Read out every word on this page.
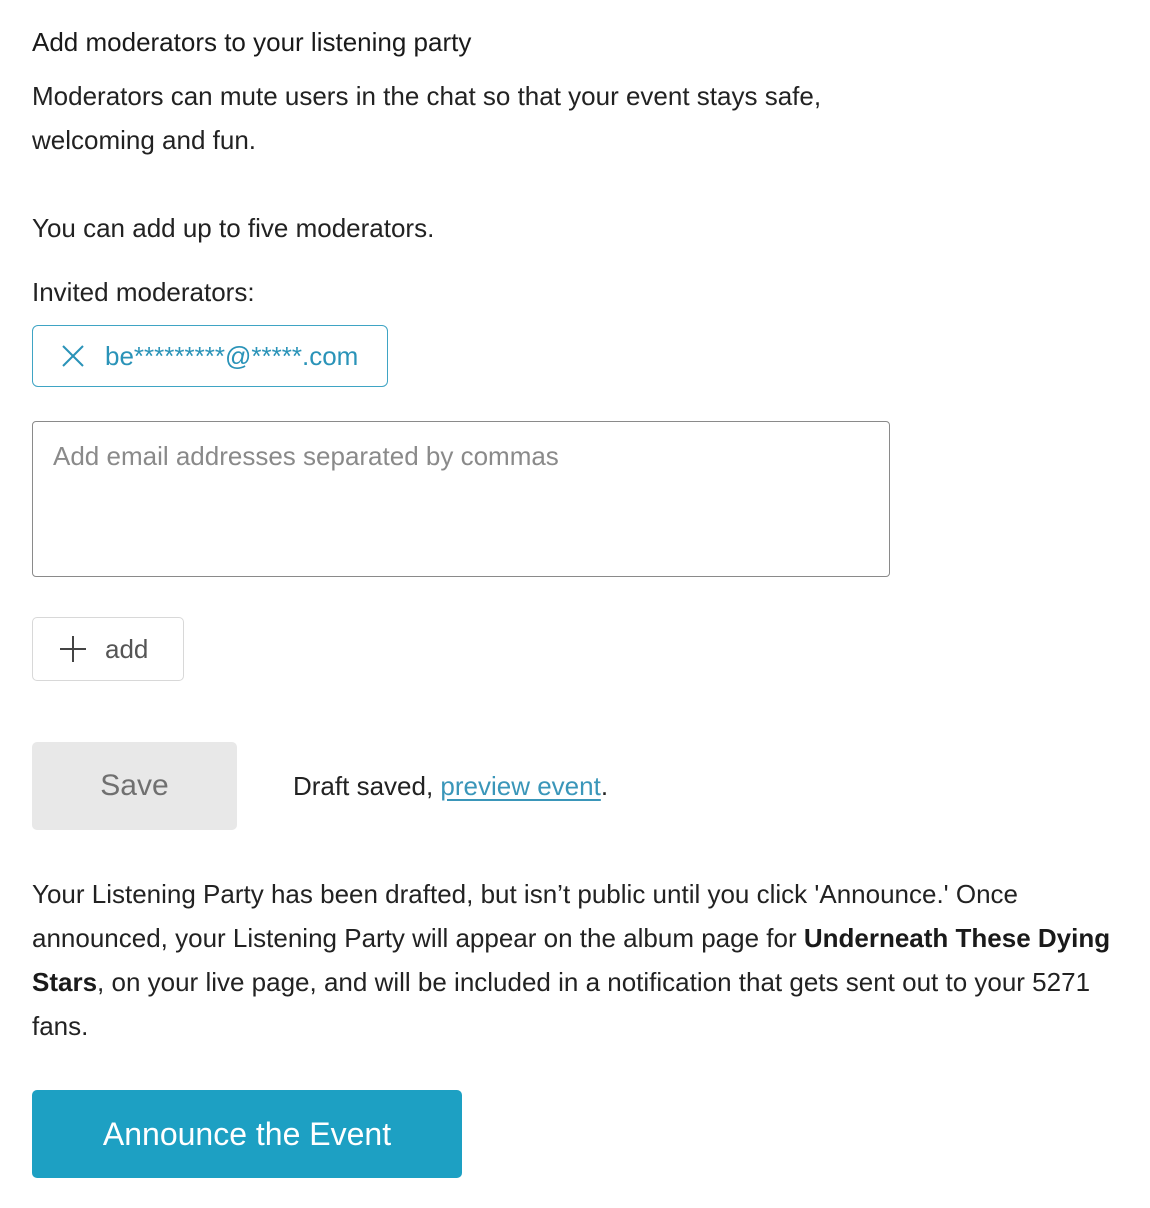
Add moderators to your listening party

Moderators can mute users in the chat so that your event stays safe, welcoming and fun.

You can add up to five moderators.

Invited moderators:

be*********@*****.com
Add email addresses separated by commas
add
Save	Draft saved, preview event.

Your Listening Party has been drafted, but isn’t public until you click 'Announce.' Once announced, your Listening Party will appear on the album page for Underneath These Dying Stars, on your live page, and will be included in a notification that gets sent out to your 5271 fans.

Announce the Event
